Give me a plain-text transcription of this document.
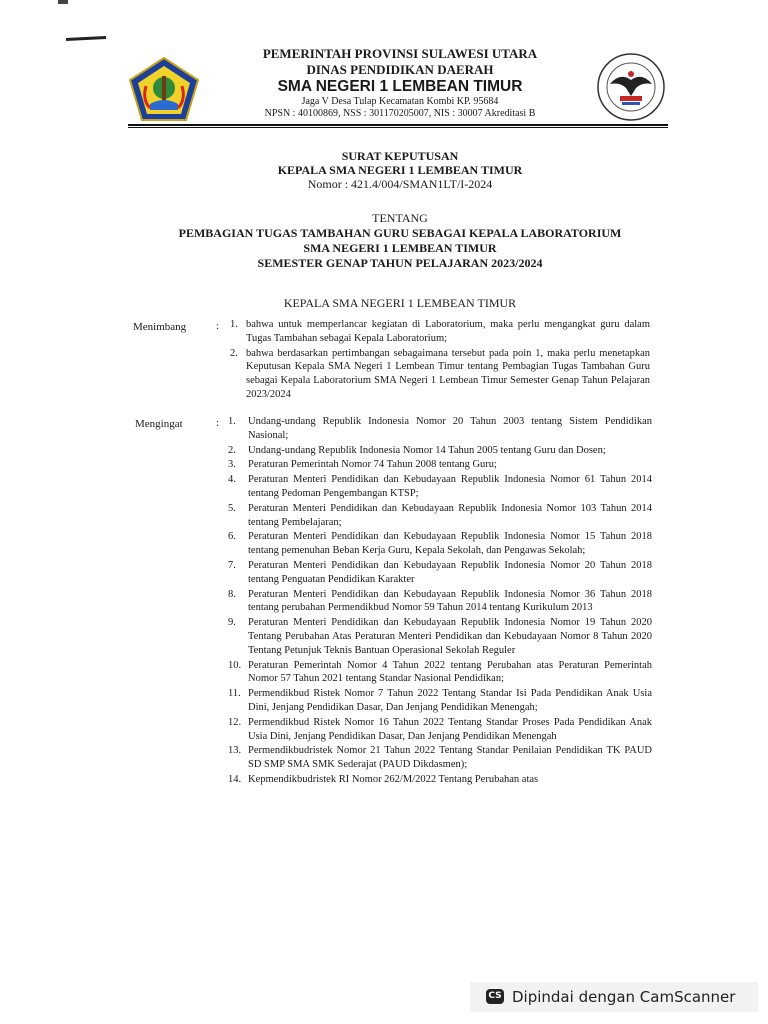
PEMERINTAH PROVINSI SULAWESI UTARA
DINAS PENDIDIKAN DAERAH
SMA NEGERI 1 LEMBEAN TIMUR
Jaga V Desa Tulap Kecamatan Kombi KP. 95684
NPSN : 40100869, NSS : 301170205007, NIS : 30007 Akreditasi B
SURAT KEPUTUSAN
KEPALA SMA NEGERI 1 LEMBEAN TIMUR
Nomor : 421.4/004/SMAN1LT/I-2024
TENTANG
PEMBAGIAN TUGAS TAMBAHAN GURU SEBAGAI KEPALA LABORATORIUM
SMA NEGERI 1 LEMBEAN TIMUR
SEMESTER GENAP TAHUN PELAJARAN 2023/2024
KEPALA SMA NEGERI 1 LEMBEAN TIMUR
Menimbang	: 1. bahwa untuk memperlancar kegiatan di Laboratorium, maka perlu mengangkat guru dalam Tugas Tambahan sebagai Kepala Laboratorium;
2. bahwa berdasarkan pertimbangan sebagaimana tersebut pada poin 1, maka perlu menetapkan Keputusan Kepala SMA Negeri 1 Lembean Timur tentang Pembagian Tugas Tambahan Guru sebagai Kepala Laboratorium SMA Negeri 1 Lembean Timur Semester Genap Tahun Pelajaran 2023/2024
Mengingat	: 1. Undang-undang Republik Indonesia Nomor 20 Tahun 2003 tentang Sistem Pendidikan Nasional;
2. Undang-undang Republik Indonesia Nomor 14 Tahun 2005 tentang Guru dan Dosen;
3. Peraturan Pemerintah Nomor 74 Tahun 2008 tentang Guru;
4. Peraturan Menteri Pendidikan dan Kebudayaan Republik Indonesia Nomor 61 Tahun 2014 tentang Pedoman Pengembangan KTSP;
5. Peraturan Menteri Pendidikan dan Kebudayaan Republik Indonesia Nomor 103 Tahun 2014 tentang Pembelajaran;
6. Peraturan Menteri Pendidikan dan Kebudayaan Republik Indonesia Nomor 15 Tahun 2018 tentang pemenuhan Beban Kerja Guru, Kepala Sekolah, dan Pengawas Sekolah;
7. Peraturan Menteri Pendidikan dan Kebudayaan Republik Indonesia Nomor 20 Tahun 2018 tentang Penguatan Pendidikan Karakter
8. Peraturan Menteri Pendidikan dan Kebudayaan Republik Indonesia Nomor 36 Tahun 2018 tentang perubahan Permendikbud Nomor 59 Tahun 2014 tentang Kurikulum 2013
9. Peraturan Menteri Pendidikan dan Kebudayaan Republik Indonesia Nomor 19 Tahun 2020 Tentang Perubahan Atas Peraturan Menteri Pendidikan dan Kebudayaan Nomor 8 Tahun 2020 Tentang Petunjuk Teknis Bantuan Operasional Sekolah Reguler
10. Peraturan Pemerintah Nomor 4 Tahun 2022 tentang Perubahan atas Peraturan Pemerintah Nomor 57 Tahun 2021 tentang Standar Nasional Pendidikan;
11. Permendikbud Ristek Nomor 7 Tahun 2022 Tentang Standar Isi Pada Pendidikan Anak Usia Dini, Jenjang Pendidikan Dasar, Dan Jenjang Pendidikan Menengah;
12. Permendikbud Ristek Nomor 16 Tahun 2022 Tentang Standar Proses Pada Pendidikan Anak Usia Dini, Jenjang Pendidikan Dasar, Dan Jenjang Pendidikan Menengah
13. Permendikbudristek Nomor 21 Tahun 2022 Tentang Standar Penilaian Pendidikan TK PAUD SD SMP SMA SMK Sederajat (PAUD Dikdasmen);
14. Kepmendikbudristek RI Nomor 262/M/2022 Tentang Perubahan atas
CS Dipindai dengan CamScanner
